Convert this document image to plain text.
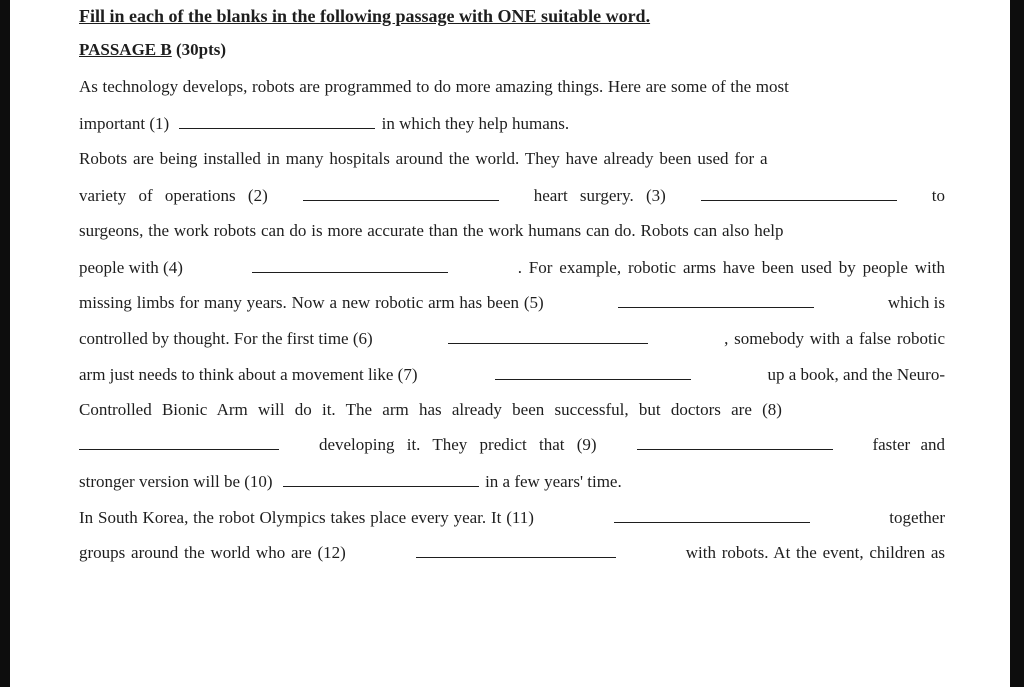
Fill in each of the blanks in the following passage with ONE suitable word.
PASSAGE B (30pts)
As technology develops, robots are programmed to do more amazing things. Here are some of the most
important (1)	in which they help humans.
Robots are being installed in many hospitals around the world. They have already been used for a
variety of operations (2)	heart surgery. (3)	to
surgeons, the work robots can do is more accurate than the work humans can do. Robots can also help
people with (4)	. For example, robotic arms have been used by people with
missing limbs for many years. Now a new robotic arm has been (5)	which is
controlled by thought. For the first time (6)	, somebody with a false robotic
arm just needs to think about a movement like (7)	up a book, and the Neuro-
Controlled Bionic Arm will do it. The arm has already been successful, but doctors are (8)
developing it. They predict that (9)	faster and
stronger version will be (10)	in a few years' time.
In South Korea, the robot Olympics takes place every year. It (11)	together
groups around the world who are (12)	with robots. At the event, children as
